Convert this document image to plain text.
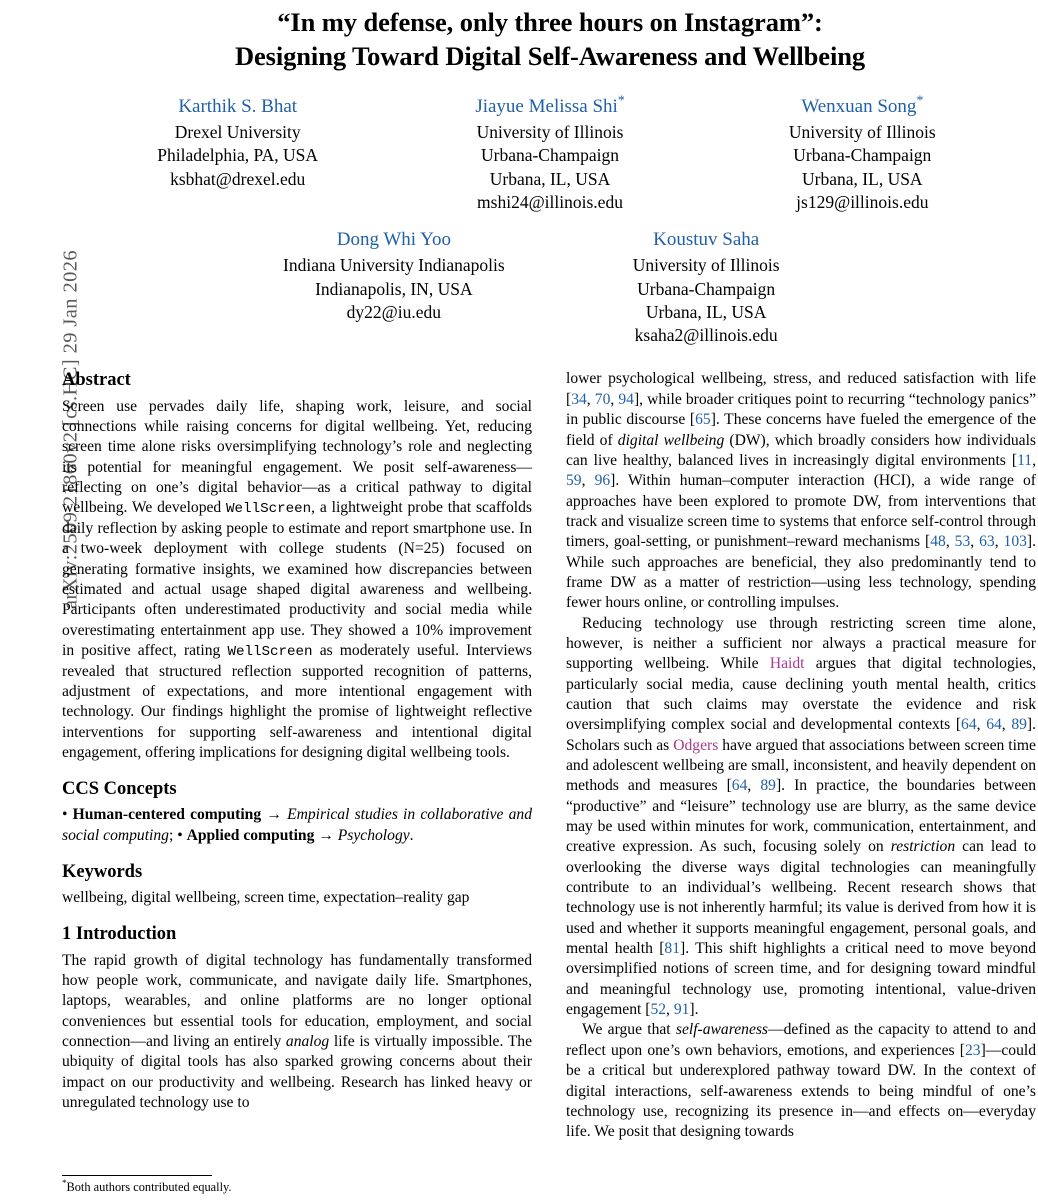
arXiv:2509.21860v2 [cs.HC] 29 Jan 2026
“In my defense, only three hours on Instagram”:
Designing Toward Digital Self-Awareness and Wellbeing
Karthik S. Bhat
Drexel University
Philadelphia, PA, USA
ksbhat@drexel.edu
Jiayue Melissa Shi*
University of Illinois
Urbana-Champaign
Urbana, IL, USA
mshi24@illinois.edu
Wenxuan Song*
University of Illinois
Urbana-Champaign
Urbana, IL, USA
js129@illinois.edu
Dong Whi Yoo
Indiana University Indianapolis
Indianapolis, IN, USA
dy22@iu.edu
Koustuv Saha
University of Illinois
Urbana-Champaign
Urbana, IL, USA
ksaha2@illinois.edu
Abstract

Screen use pervades daily life, shaping work, leisure, and social connections while raising concerns for digital wellbeing. Yet, reducing screen time alone risks oversimplifying technology’s role and neglecting its potential for meaningful engagement. We posit self-awareness—reflecting on one’s digital behavior—as a critical pathway to digital wellbeing. We developed WellScreen, a lightweight probe that scaffolds daily reflection by asking people to estimate and report smartphone use. In a two-week deployment with college students (N=25) focused on generating formative insights, we examined how discrepancies between estimated and actual usage shaped digital awareness and wellbeing. Participants often underestimated productivity and social media while overestimating entertainment app use. They showed a 10% improvement in positive affect, rating WellScreen as moderately useful. Interviews revealed that structured reflection supported recognition of patterns, adjustment of expectations, and more intentional engagement with technology. Our findings highlight the promise of lightweight reflective interventions for supporting self-awareness and intentional digital engagement, offering implications for designing digital wellbeing tools.

CCS Concepts
• Human-centered computing → Empirical studies in collaborative and social computing; • Applied computing → Psychology.
Keywords
wellbeing, digital wellbeing, screen time, expectation–reality gap
1 Introduction

The rapid growth of digital technology has fundamentally transformed how people work, communicate, and navigate daily life. Smartphones, laptops, wearables, and online platforms are no longer optional conveniences but essential tools for education, employment, and social connection—and living an entirely analog life is virtually impossible. The ubiquity of digital tools has also sparked growing concerns about their impact on our productivity and wellbeing. Research has linked heavy or unregulated technology use to

*Both authors contributed equally.

lower psychological wellbeing, stress, and reduced satisfaction with life [34, 70, 94], while broader critiques point to recurring “technology panics” in public discourse [65]. These concerns have fueled the emergence of the field of digital wellbeing (DW), which broadly considers how individuals can live healthy, balanced lives in increasingly digital environments [11, 59, 96]. Within human–computer interaction (HCI), a wide range of approaches have been explored to promote DW, from interventions that track and visualize screen time to systems that enforce self-control through timers, goal-setting, or punishment–reward mechanisms [48, 53, 63, 103]. While such approaches are beneficial, they also predominantly tend to frame DW as a matter of restriction—using less technology, spending fewer hours online, or controlling impulses.

Reducing technology use through restricting screen time alone, however, is neither a sufficient nor always a practical measure for supporting wellbeing. While Haidt argues that digital technologies, particularly social media, cause declining youth mental health, critics caution that such claims may overstate the evidence and risk oversimplifying complex social and developmental contexts [64, 64, 89]. Scholars such as Odgers have argued that associations between screen time and adolescent wellbeing are small, inconsistent, and heavily dependent on methods and measures [64, 89]. In practice, the boundaries between “productive” and “leisure” technology use are blurry, as the same device may be used within minutes for work, communication, entertainment, and creative expression. As such, focusing solely on restriction can lead to overlooking the diverse ways digital technologies can meaningfully contribute to an individual’s wellbeing. Recent research shows that technology use is not inherently harmful; its value is derived from how it is used and whether it supports meaningful engagement, personal goals, and mental health [81]. This shift highlights a critical need to move beyond oversimplified notions of screen time, and for designing toward mindful and meaningful technology use, promoting intentional, value-driven engagement [52, 91].

We argue that self-awareness—defined as the capacity to attend to and reflect upon one’s own behaviors, emotions, and experiences [23]—could be a critical but underexplored pathway toward DW. In the context of digital interactions, self-awareness extends to being mindful of one’s technology use, recognizing its presence in—and effects on—everyday life. We posit that designing towards
